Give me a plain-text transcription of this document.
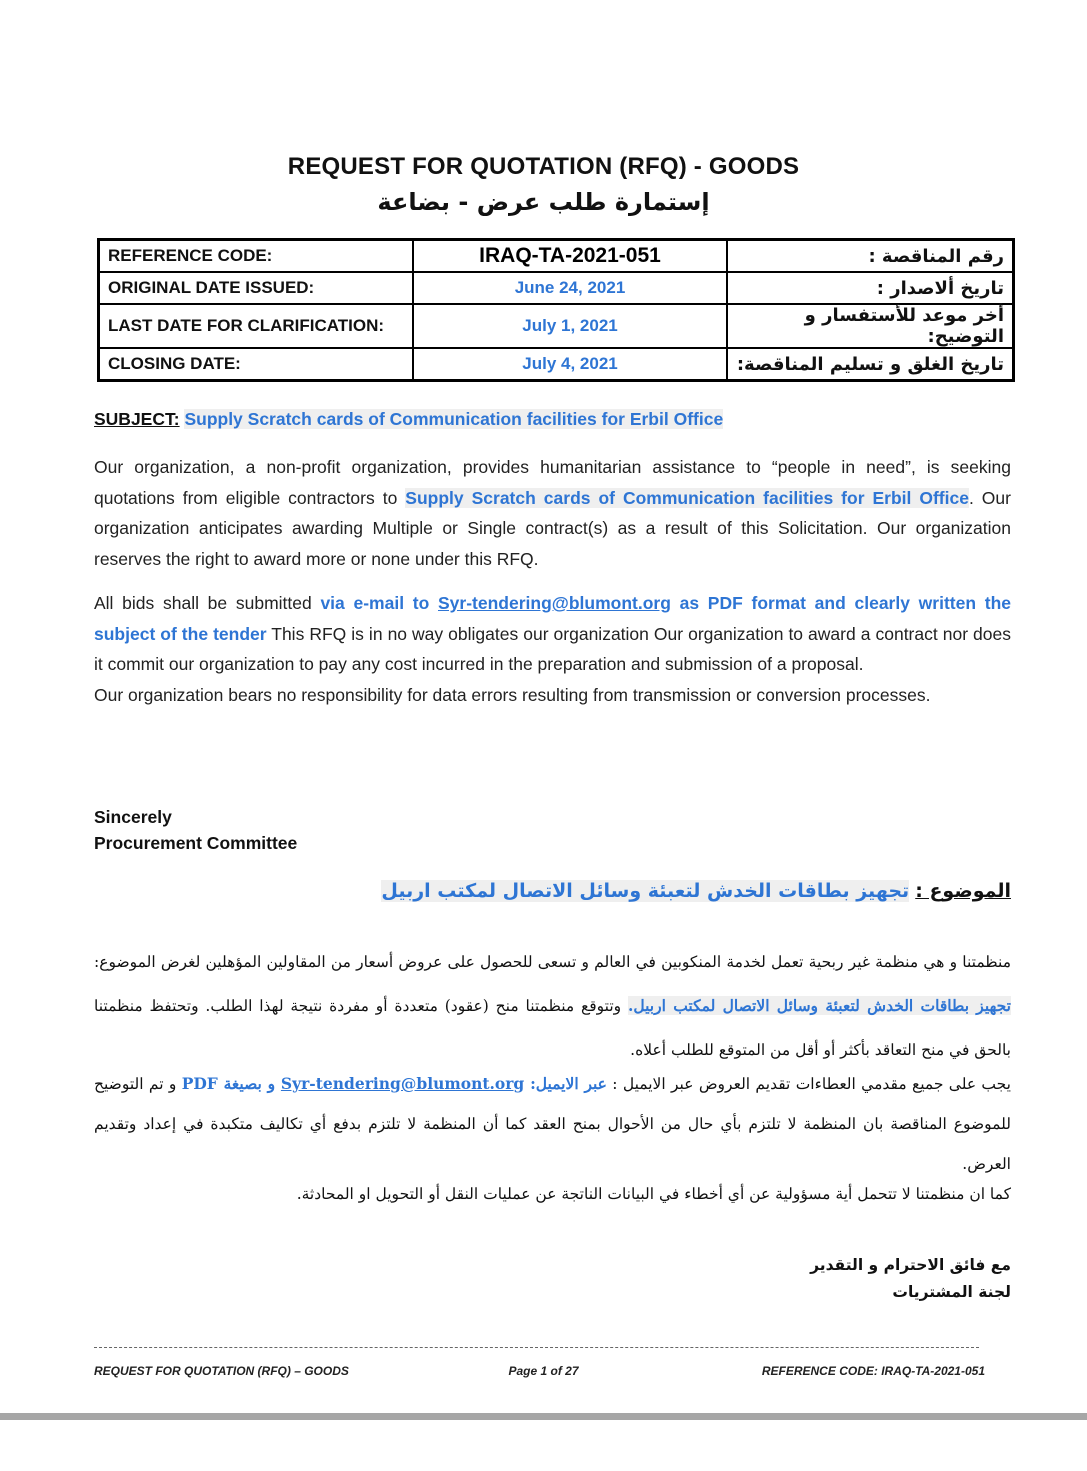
REQUEST FOR QUOTATION (RFQ) - GOODS
إستمارة طلب عرض - بضاعة
REFERENCE CODE:	IRAQ-TA-2021-051	رقم المناقصة :
ORIGINAL DATE ISSUED:	June 24, 2021	تاريخ ألاصدار :
LAST DATE FOR CLARIFICATION:	July 1, 2021	أخر موعد للأستفسار و التوضيح:
CLOSING DATE:	July 4, 2021	تاريخ الغلق و تسليم المناقصة:
SUBJECT: Supply Scratch cards of Communication facilities for Erbil Office
Our organization, a non-profit organization, provides humanitarian assistance to “people in need”, is seeking quotations from eligible contractors to Supply Scratch cards of Communication facilities for Erbil Office. Our organization anticipates awarding Multiple or Single contract(s) as a result of this Solicitation. Our organization reserves the right to award more or none under this RFQ.
All bids shall be submitted via e-mail to Syr-tendering@blumont.org as PDF format and clearly written the subject of the tender This RFQ is in no way obligates our organization Our organization to award a contract nor does it commit our organization to pay any cost incurred in the preparation and submission of a proposal.
Our organization bears no responsibility for data errors resulting from transmission or conversion processes.
Sincerely
Procurement Committee
الموضوع : تجهيز بطاقات الخدش لتعبئة وسائل الاتصال لمكتب اربيل
منظمتنا و هي منظمة غير ربحية تعمل لخدمة المنكوبين في العالم و تسعى للحصول على عروض أسعار من المقاولين المؤهلين لغرض الموضوع: تجهيز بطاقات الخدش لتعبئة وسائل الاتصال لمكتب اربيل. وتتوقع منظمتنا منح (عقود) متعددة أو مفردة نتيجة لهذا الطلب. وتحتفظ منظمتنا بالحق في منح التعاقد بأكثر أو أقل من المتوقع للطلب أعلاه.
يجب على جميع مقدمي العطاءات تقديم العروض عبر الايميل : عبر الايميل: Syr-tendering@blumont.org و بصيغة PDF و تم التوضيح للموضوع المناقصة بان المنظمة لا تلتزم بأي حال من الأحوال بمنح العقد كما أن المنظمة لا تلتزم بدفع أي تكاليف متكبدة في إعداد وتقديم العرض.
كما ان منظمتنا لا تتحمل أية مسؤولية عن أي أخطاء في البيانات الناتجة عن عمليات النقل أو التحويل او المحادثة.
مع فائق الاحترام و التقدير
لجنة المشتريات
REQUEST FOR QUOTATION (RFQ) – GOODS	Page 1 of 27	REFERENCE CODE: IRAQ-TA-2021-051
